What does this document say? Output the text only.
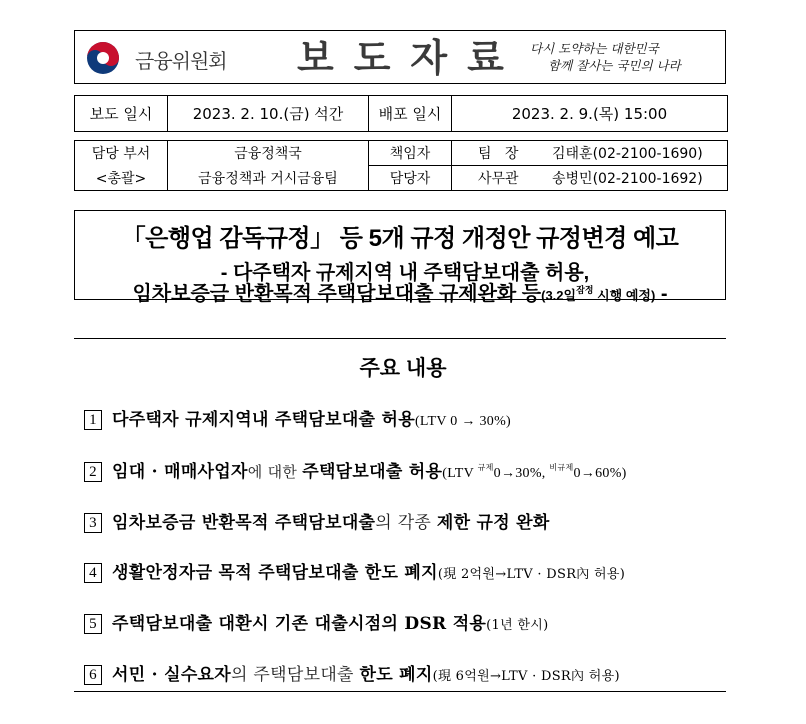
금융위원회 보도자료 다시 도약하는 대한민국
함께 잘사는 국민의 나라
보도 일시	2023. 2. 10.(금) 석간	배포 일시	2023. 2. 9.(목) 15:00
담당 부서	금융정책국	책임자	팀   장 김태훈(02-2100-1690)
<총괄>	금융정책과 거시금융팀	담당자	사무관 송병민(02-2100-1692)
「은행업 감독규정」 등 5개 규정 개정안 규정변경 예고
- 다주택자 규제지역 내 주택담보대출 허용,
임차보증금 반환목적 주택담보대출 규제완화 등(3.2일$^{잠정}$ 시행 예정) -
주요 내용
1 다주택자 규제지역내 주택담보대출 허용(LTV 0 → 30%)
2 임대 · 매매사업자에 대한 주택담보대출 허용(LTV $^{규제}$0→30%, $^{비규제}$0→60%)
3 임차보증금 반환목적 주택담보대출의 각종 제한 규정 완화
4 생활안정자금 목적 주택담보대출 한도 폐지(現 2억원→LTV · DSR內 허용)
5 주택담보대출 대환시 기존 대출시점의 DSR 적용(1년 한시)
6 서민 · 실수요자의 주택담보대출 한도 폐지(現 6억원→LTV · DSR內 허용)
